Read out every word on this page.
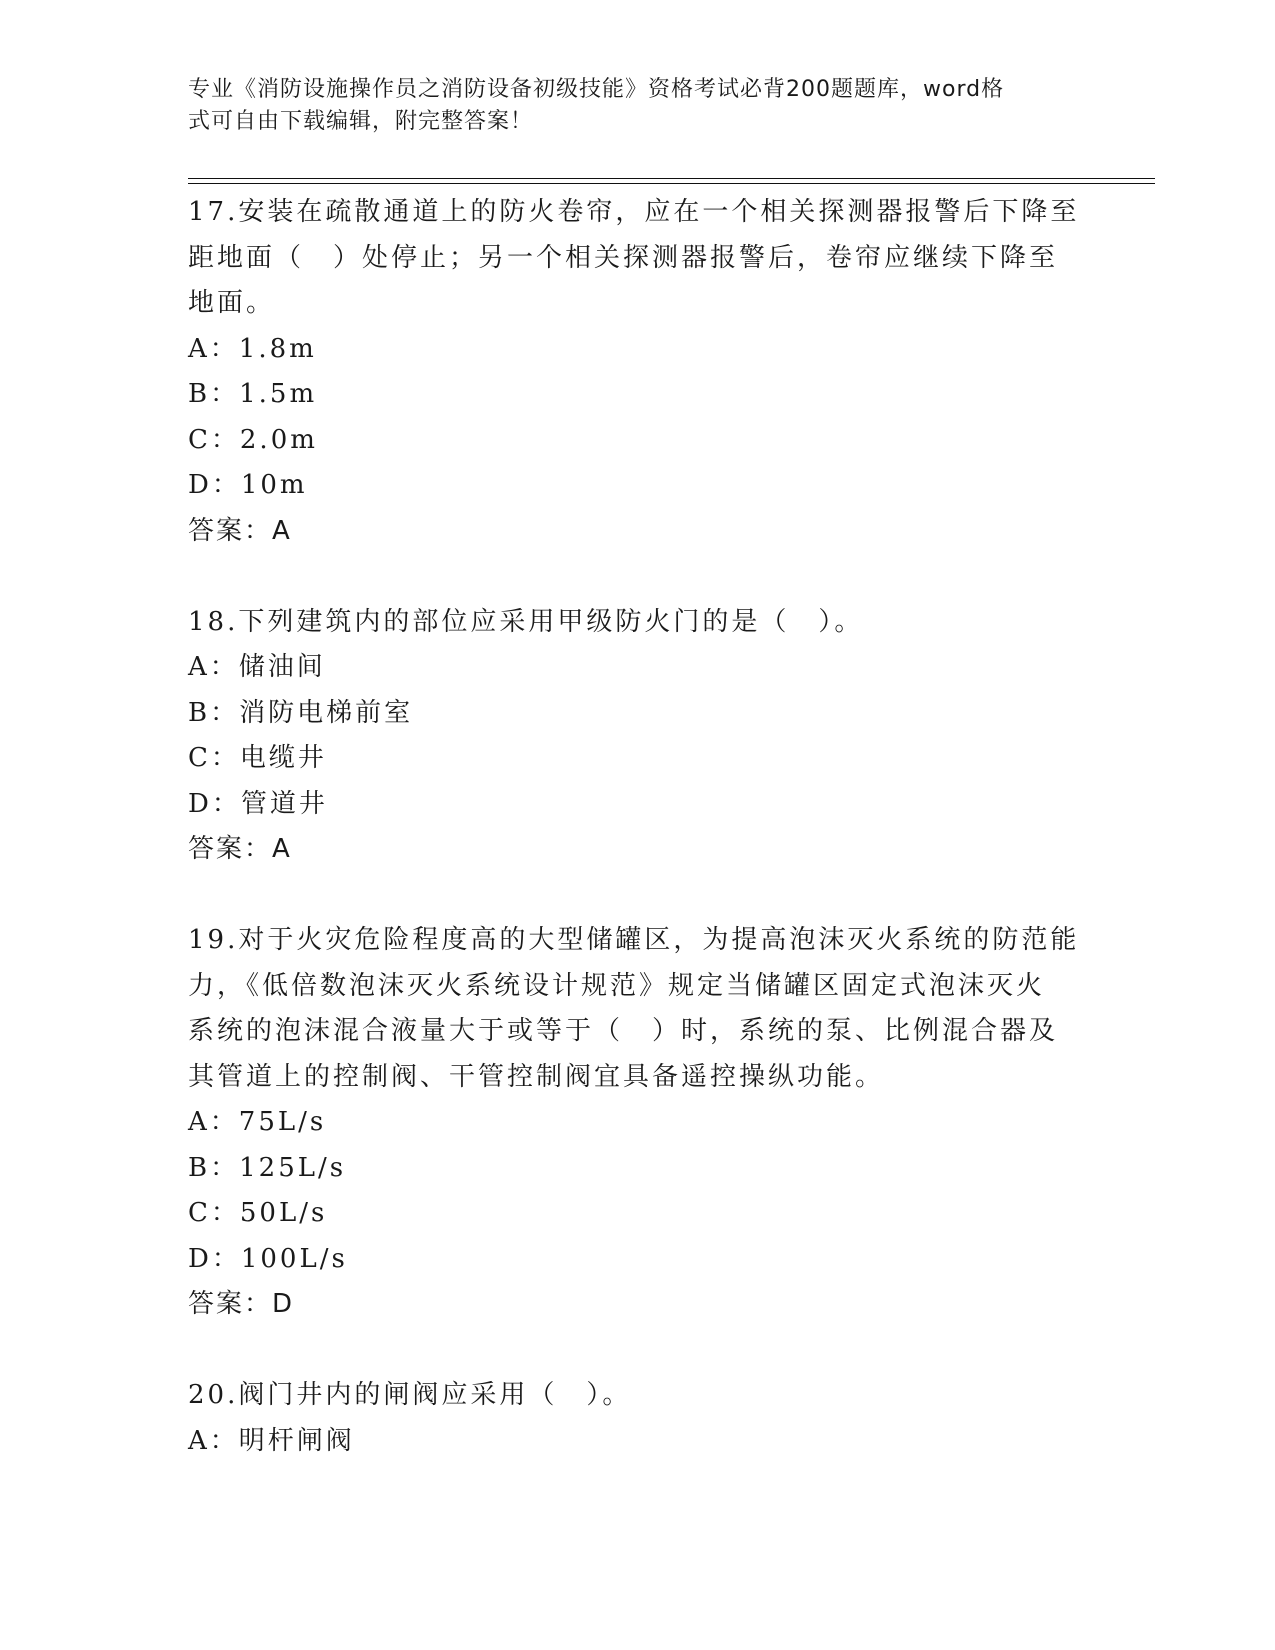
专业《消防设施操作员之消防设备初级技能》资格考试必背200题题库，word格
式可自由下载编辑，附完整答案！

17.安装在疏散通道上的防火卷帘，应在一个相关探测器报警后下降至

距地面（　）处停止；另一个相关探测器报警后，卷帘应继续下降至

地面。

A：1.8m

B：1.5m

C：2.0m

D：10m

答案：A

18.下列建筑内的部位应采用甲级防火门的是（　）。

A：储油间

B：消防电梯前室

C：电缆井

D：管道井

答案：A

19.对于火灾危险程度高的大型储罐区，为提高泡沫灭火系统的防范能

力，《低倍数泡沫灭火系统设计规范》规定当储罐区固定式泡沫灭火

系统的泡沫混合液量大于或等于（　）时，系统的泵、比例混合器及

其管道上的控制阀、干管控制阀宜具备遥控操纵功能。

A：75L/s

B：125L/s

C：50L/s

D：100L/s

答案：D

20.阀门井内的闸阀应采用（　）。

A：明杆闸阀
